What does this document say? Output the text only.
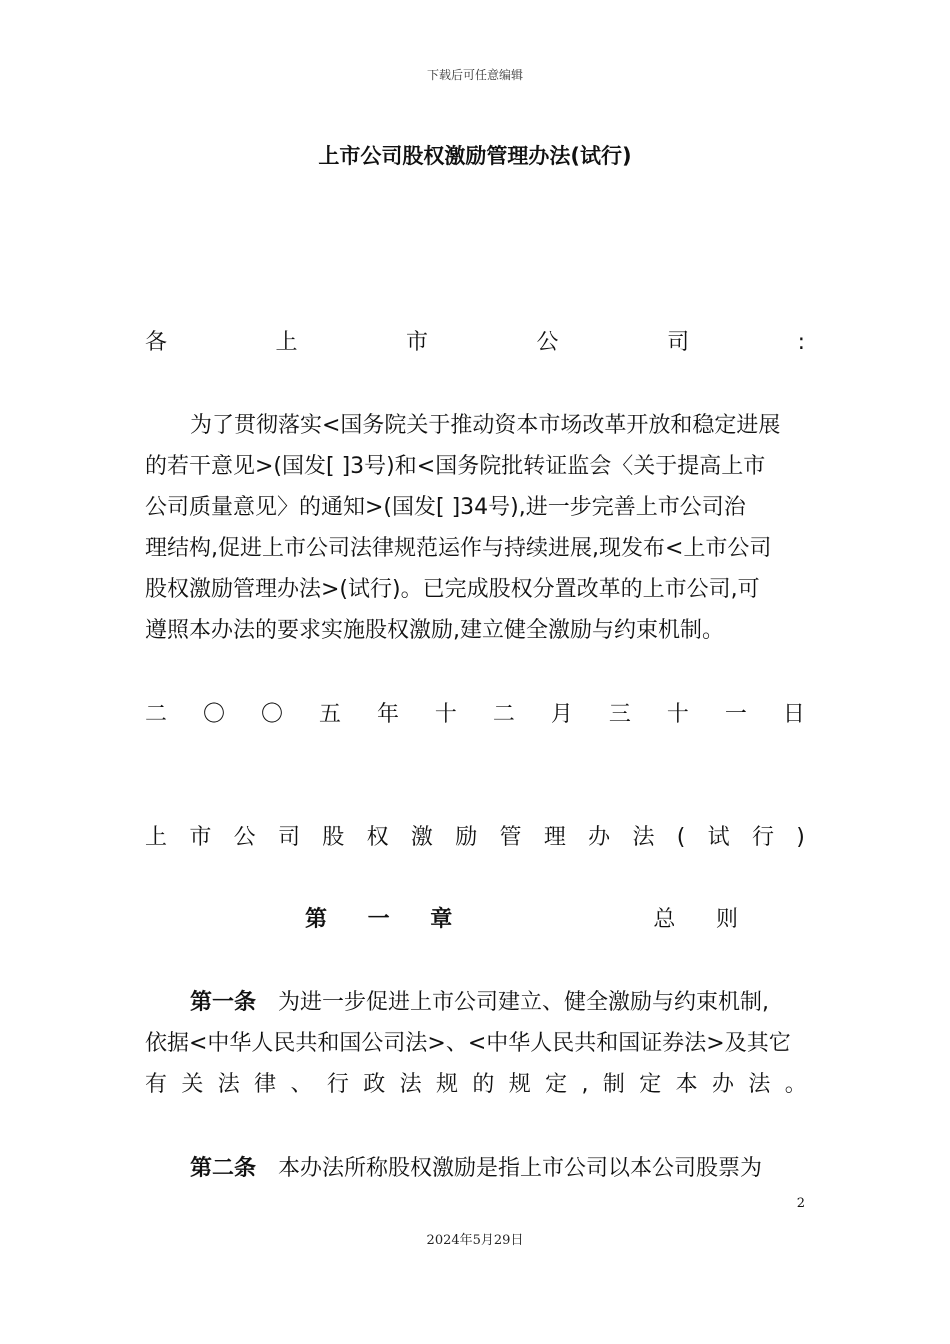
下载后可任意编辑
上市公司股权激励管理办法(试行)
各	上	市	公	司	:
为了贯彻落实<国务院关于推动资本市场改革开放和稳定进展
的若干意见>(国发[ ]3号)和<国务院批转证监会〈关于提高上市
公司质量意见〉的通知>(国发[ ]34号),进一步完善上市公司治
理结构,促进上市公司法律规范运作与持续进展,现发布<上市公司
股权激励管理办法>(试行)。已完成股权分置改革的上市公司,可
遵照本办法的要求实施股权激励,建立健全激励与约束机制。
二 〇 〇 五 年 十 二 月 三 十 一 日
上 市 公 司 股 权 激 励 管 理 办 法 ( 试 行 )
第 一 章	总 则
第一条 为进一步促进上市公司建立、健全激励与约束机制,
依据<中华人民共和国公司法>、<中华人民共和国证券法>及其它
有 关 法 律 、 行 政 法 规 的 规 定 , 制 定 本 办 法 。
第二条 本办法所称股权激励是指上市公司以本公司股票为
2
2024年5月29日
